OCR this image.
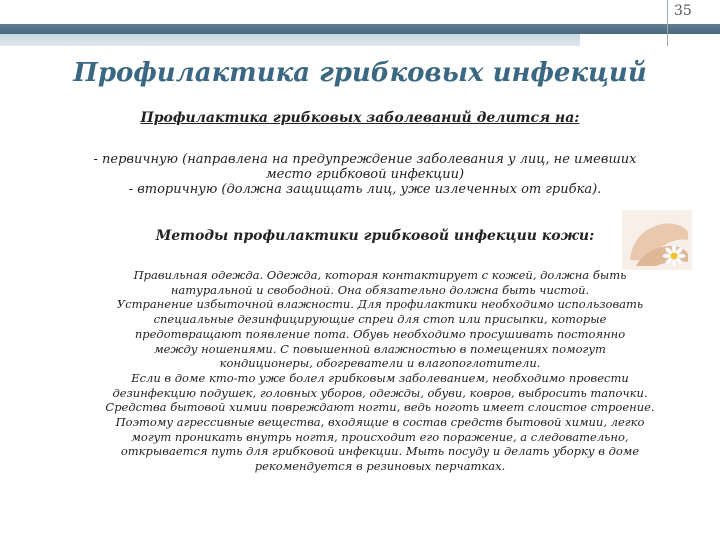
35
Профилактика грибковых инфекций
Профилактика грибковых заболеваний делится на:
- первичную (направлена на предупреждение заболевания у лиц, не имевших
место грибковой инфекции)
- вторичную (должна защищать лиц, уже излеченных от грибка).
Методы профилактики грибковой инфекции кожи:
Правильная одежда. Одежда, которая контактирует с кожей, должна быть
натуральной и свободной. Она обязательно должна быть чистой.
Устранение избыточной влажности. Для профилактики необходимо использовать
специальные дезинфицирующие спреи для стоп или присыпки, которые
предотвращают появление пота. Обувь необходимо просушивать постоянно
между ношениями. С повышенной влажностью в помещениях помогут
кондиционеры, обогреватели и влагопоглотители.
Если в доме кто-то уже болел грибковым заболеванием, необходимо провести
дезинфекцию подушек, головных уборов, одежды, обуви, ковров, выбросить тапочки.
Средства бытовой химии повреждают ногти, ведь ноготь имеет слоистое строение.
Поэтому агрессивные вещества, входящие в состав средств бытовой химии, легко
могут проникать внутрь ногтя, происходит его поражение, а следовательно,
открывается путь для грибковой инфекции. Мыть посуду и делать уборку в доме
рекомендуется в резиновых перчатках.
